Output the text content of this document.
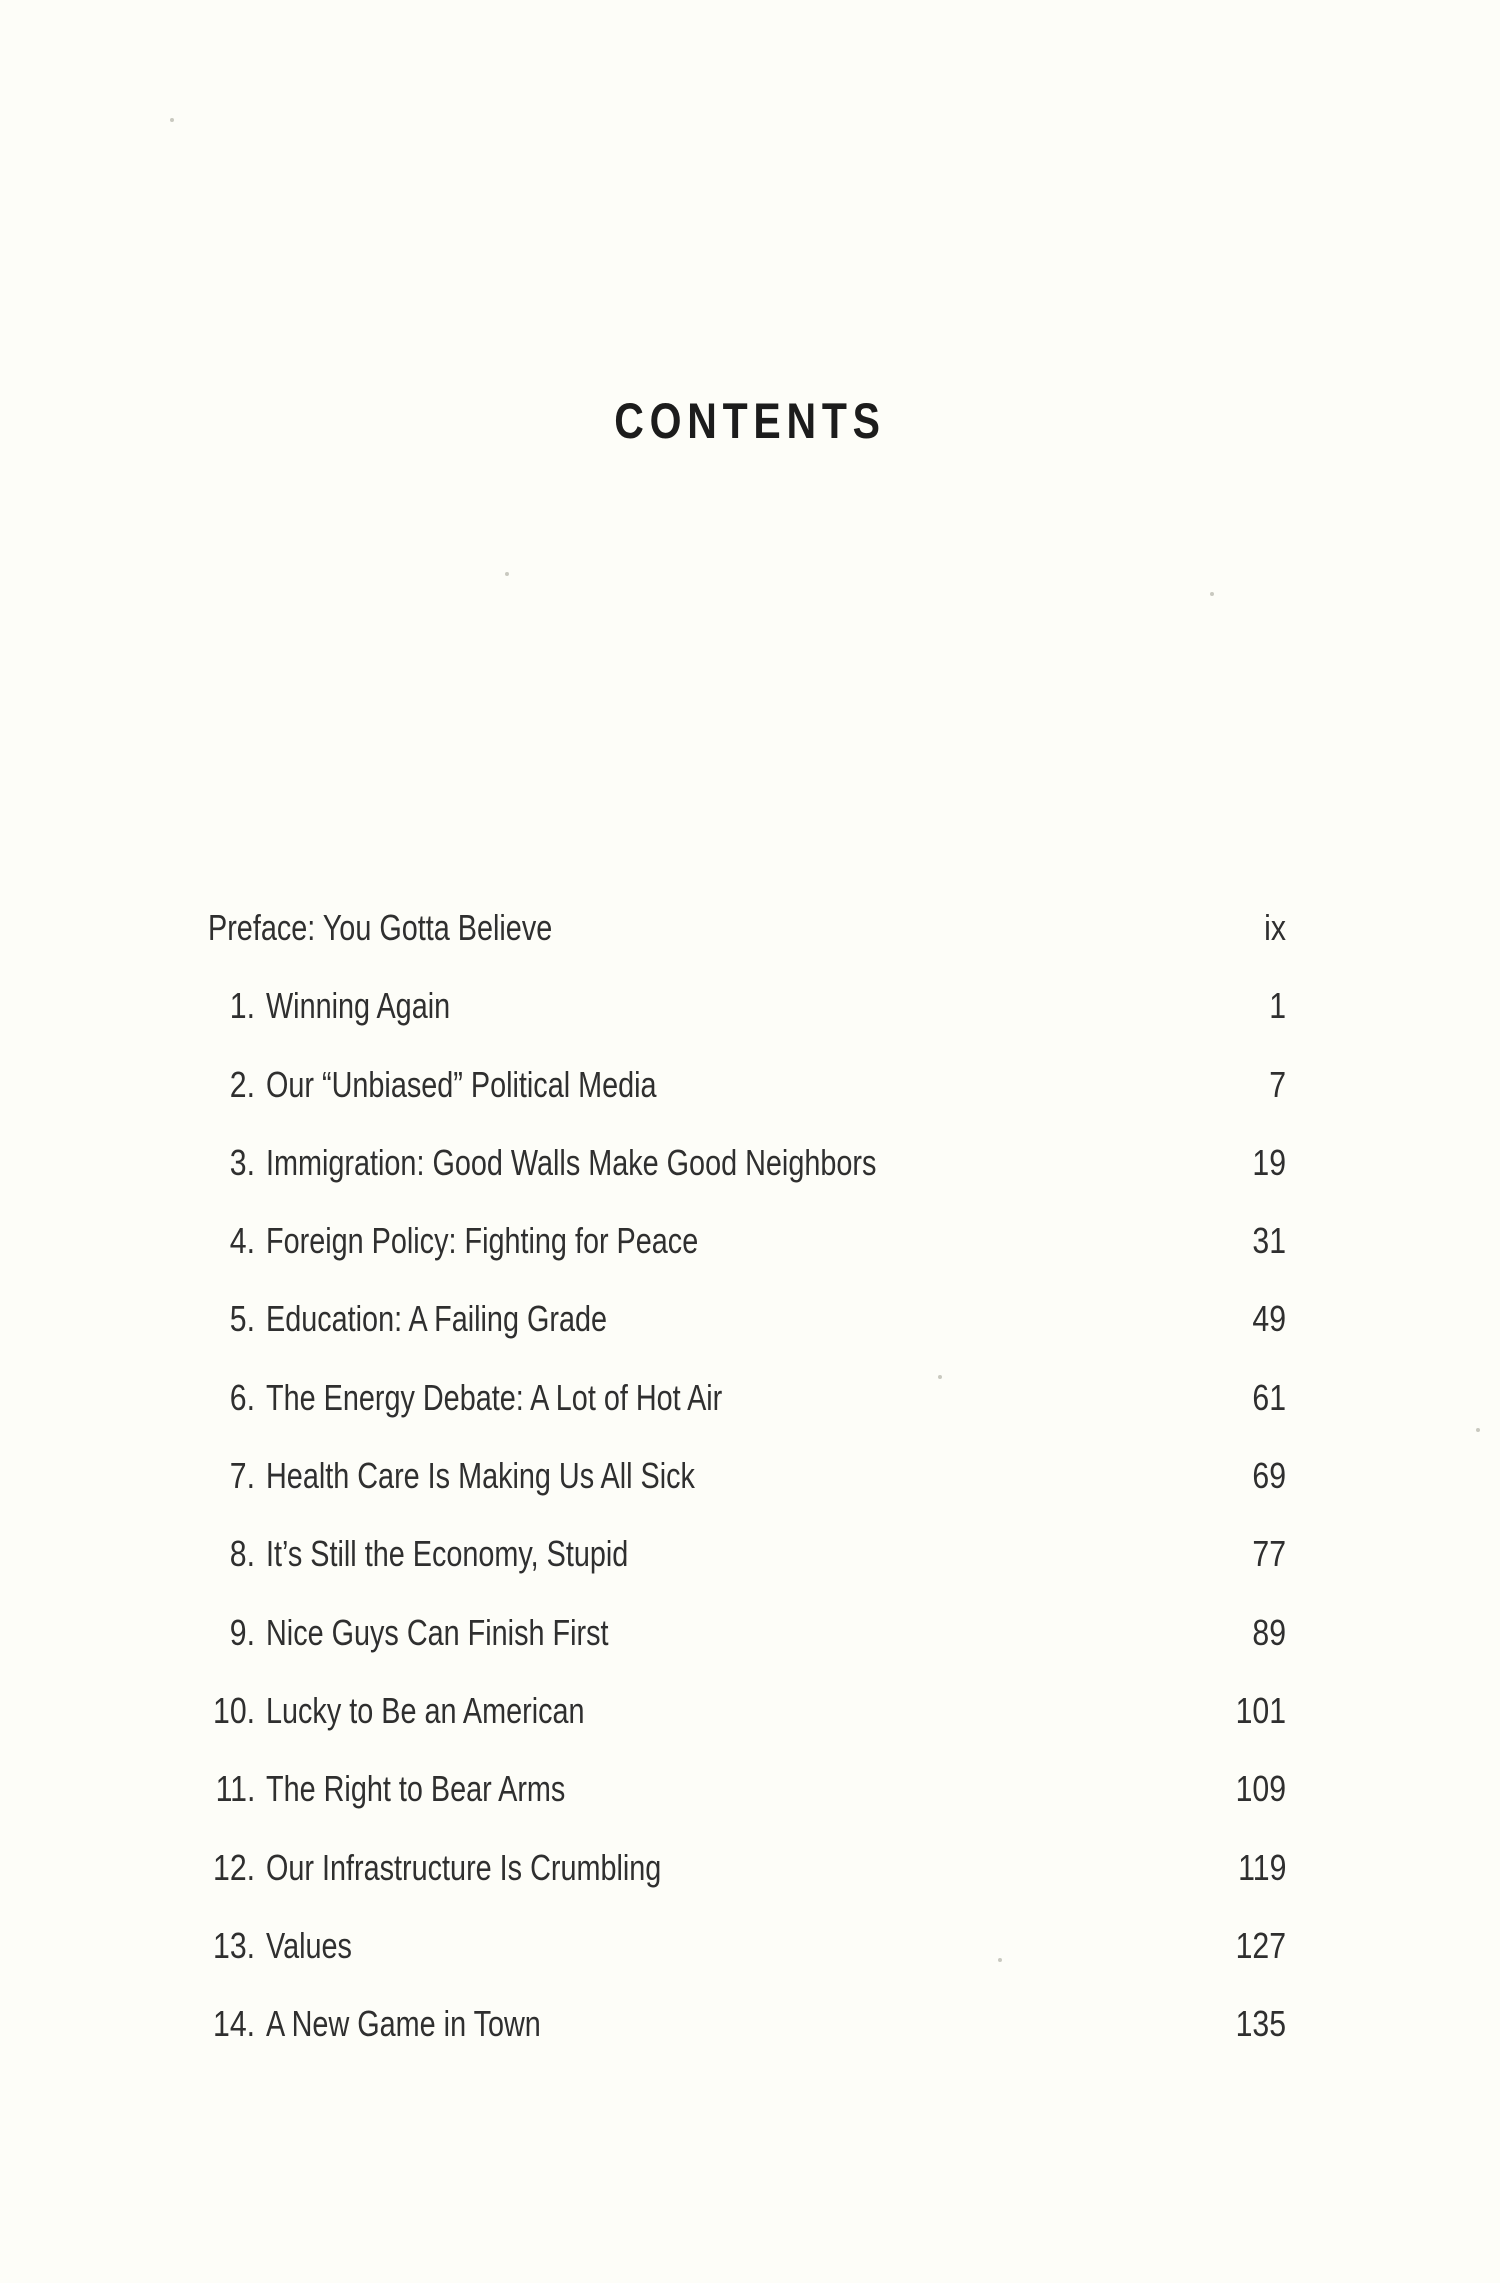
CONTENTS
Preface: You Gotta Believe	ix
1. Winning Again	1
2. Our “Unbiased” Political Media	7
3. Immigration: Good Walls Make Good Neighbors	19
4. Foreign Policy: Fighting for Peace	31
5. Education: A Failing Grade	49
6. The Energy Debate: A Lot of Hot Air	61
7. Health Care Is Making Us All Sick	69
8. It’s Still the Economy, Stupid	77
9. Nice Guys Can Finish First	89
10. Lucky to Be an American	101
11. The Right to Bear Arms	109
12. Our Infrastructure Is Crumbling	119
13. Values	127
14. A New Game in Town	135
